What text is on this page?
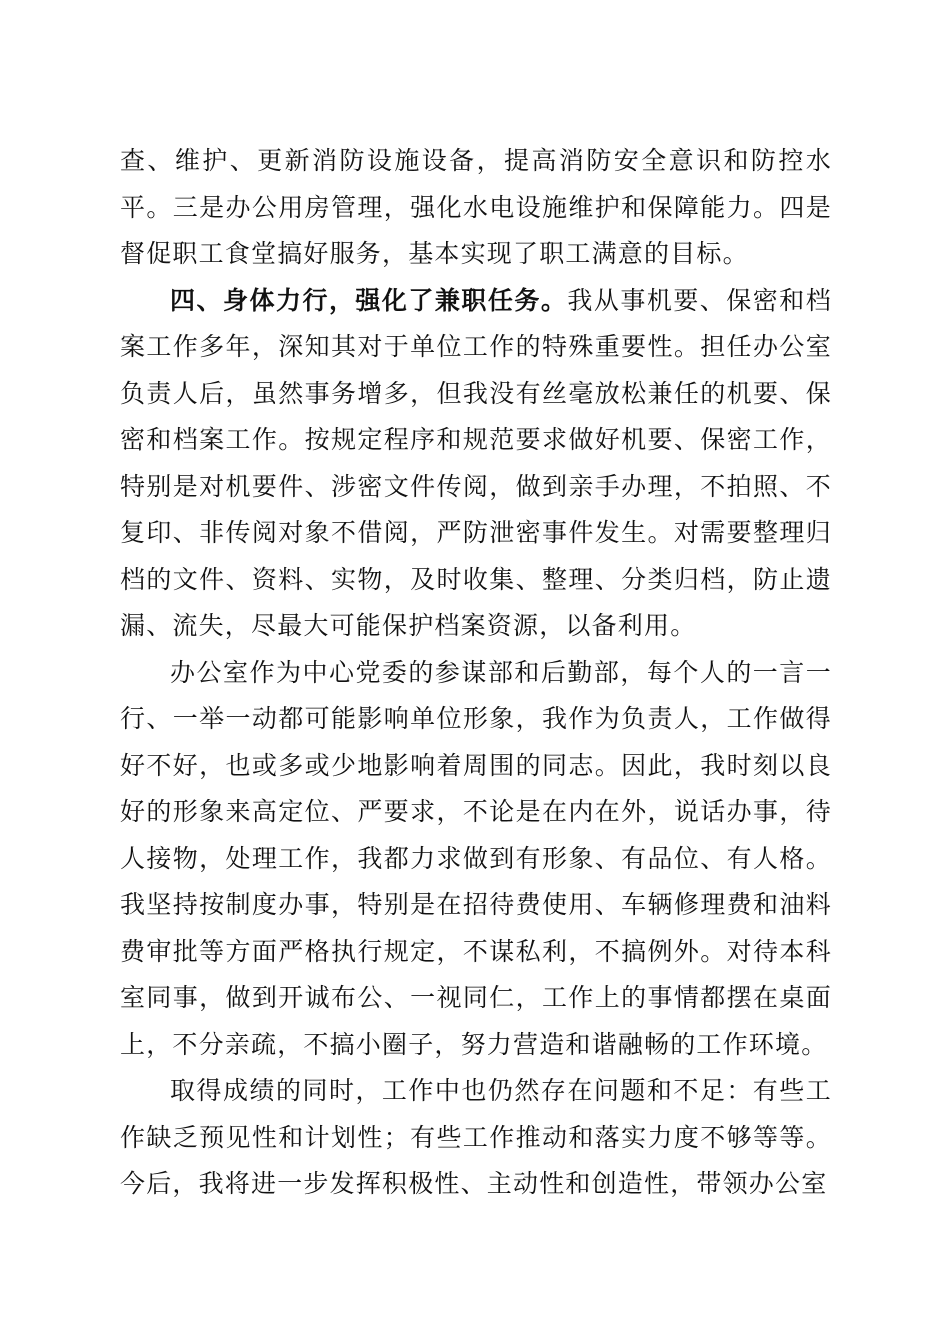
查、维护、更新消防设施设备，提高消防安全意识和防控水平。三是办公用房管理，强化水电设施维护和保障能力。四是督促职工食堂搞好服务，基本实现了职工满意的目标。

四、身体力行，强化了兼职任务。我从事机要、保密和档案工作多年，深知其对于单位工作的特殊重要性。担任办公室负责人后，虽然事务增多，但我没有丝毫放松兼任的机要、保密和档案工作。按规定程序和规范要求做好机要、保密工作，特别是对机要件、涉密文件传阅，做到亲手办理，不拍照、不复印、非传阅对象不借阅，严防泄密事件发生。对需要整理归档的文件、资料、实物，及时收集、整理、分类归档，防止遗漏、流失，尽最大可能保护档案资源，以备利用。

办公室作为中心党委的参谋部和后勤部，每个人的一言一行、一举一动都可能影响单位形象，我作为负责人，工作做得好不好，也或多或少地影响着周围的同志。因此，我时刻以良好的形象来高定位、严要求，不论是在内在外，说话办事，待人接物，处理工作，我都力求做到有形象、有品位、有人格。我坚持按制度办事，特别是在招待费使用、车辆修理费和油料费审批等方面严格执行规定，不谋私利，不搞例外。对待本科室同事，做到开诚布公、一视同仁，工作上的事情都摆在桌面上，不分亲疏，不搞小圈子，努力营造和谐融畅的工作环境。

取得成绩的同时，工作中也仍然存在问题和不足：有些工作缺乏预见性和计划性；有些工作推动和落实力度不够等等。今后，我将进一步发挥积极性、主动性和创造性，带领办公室
